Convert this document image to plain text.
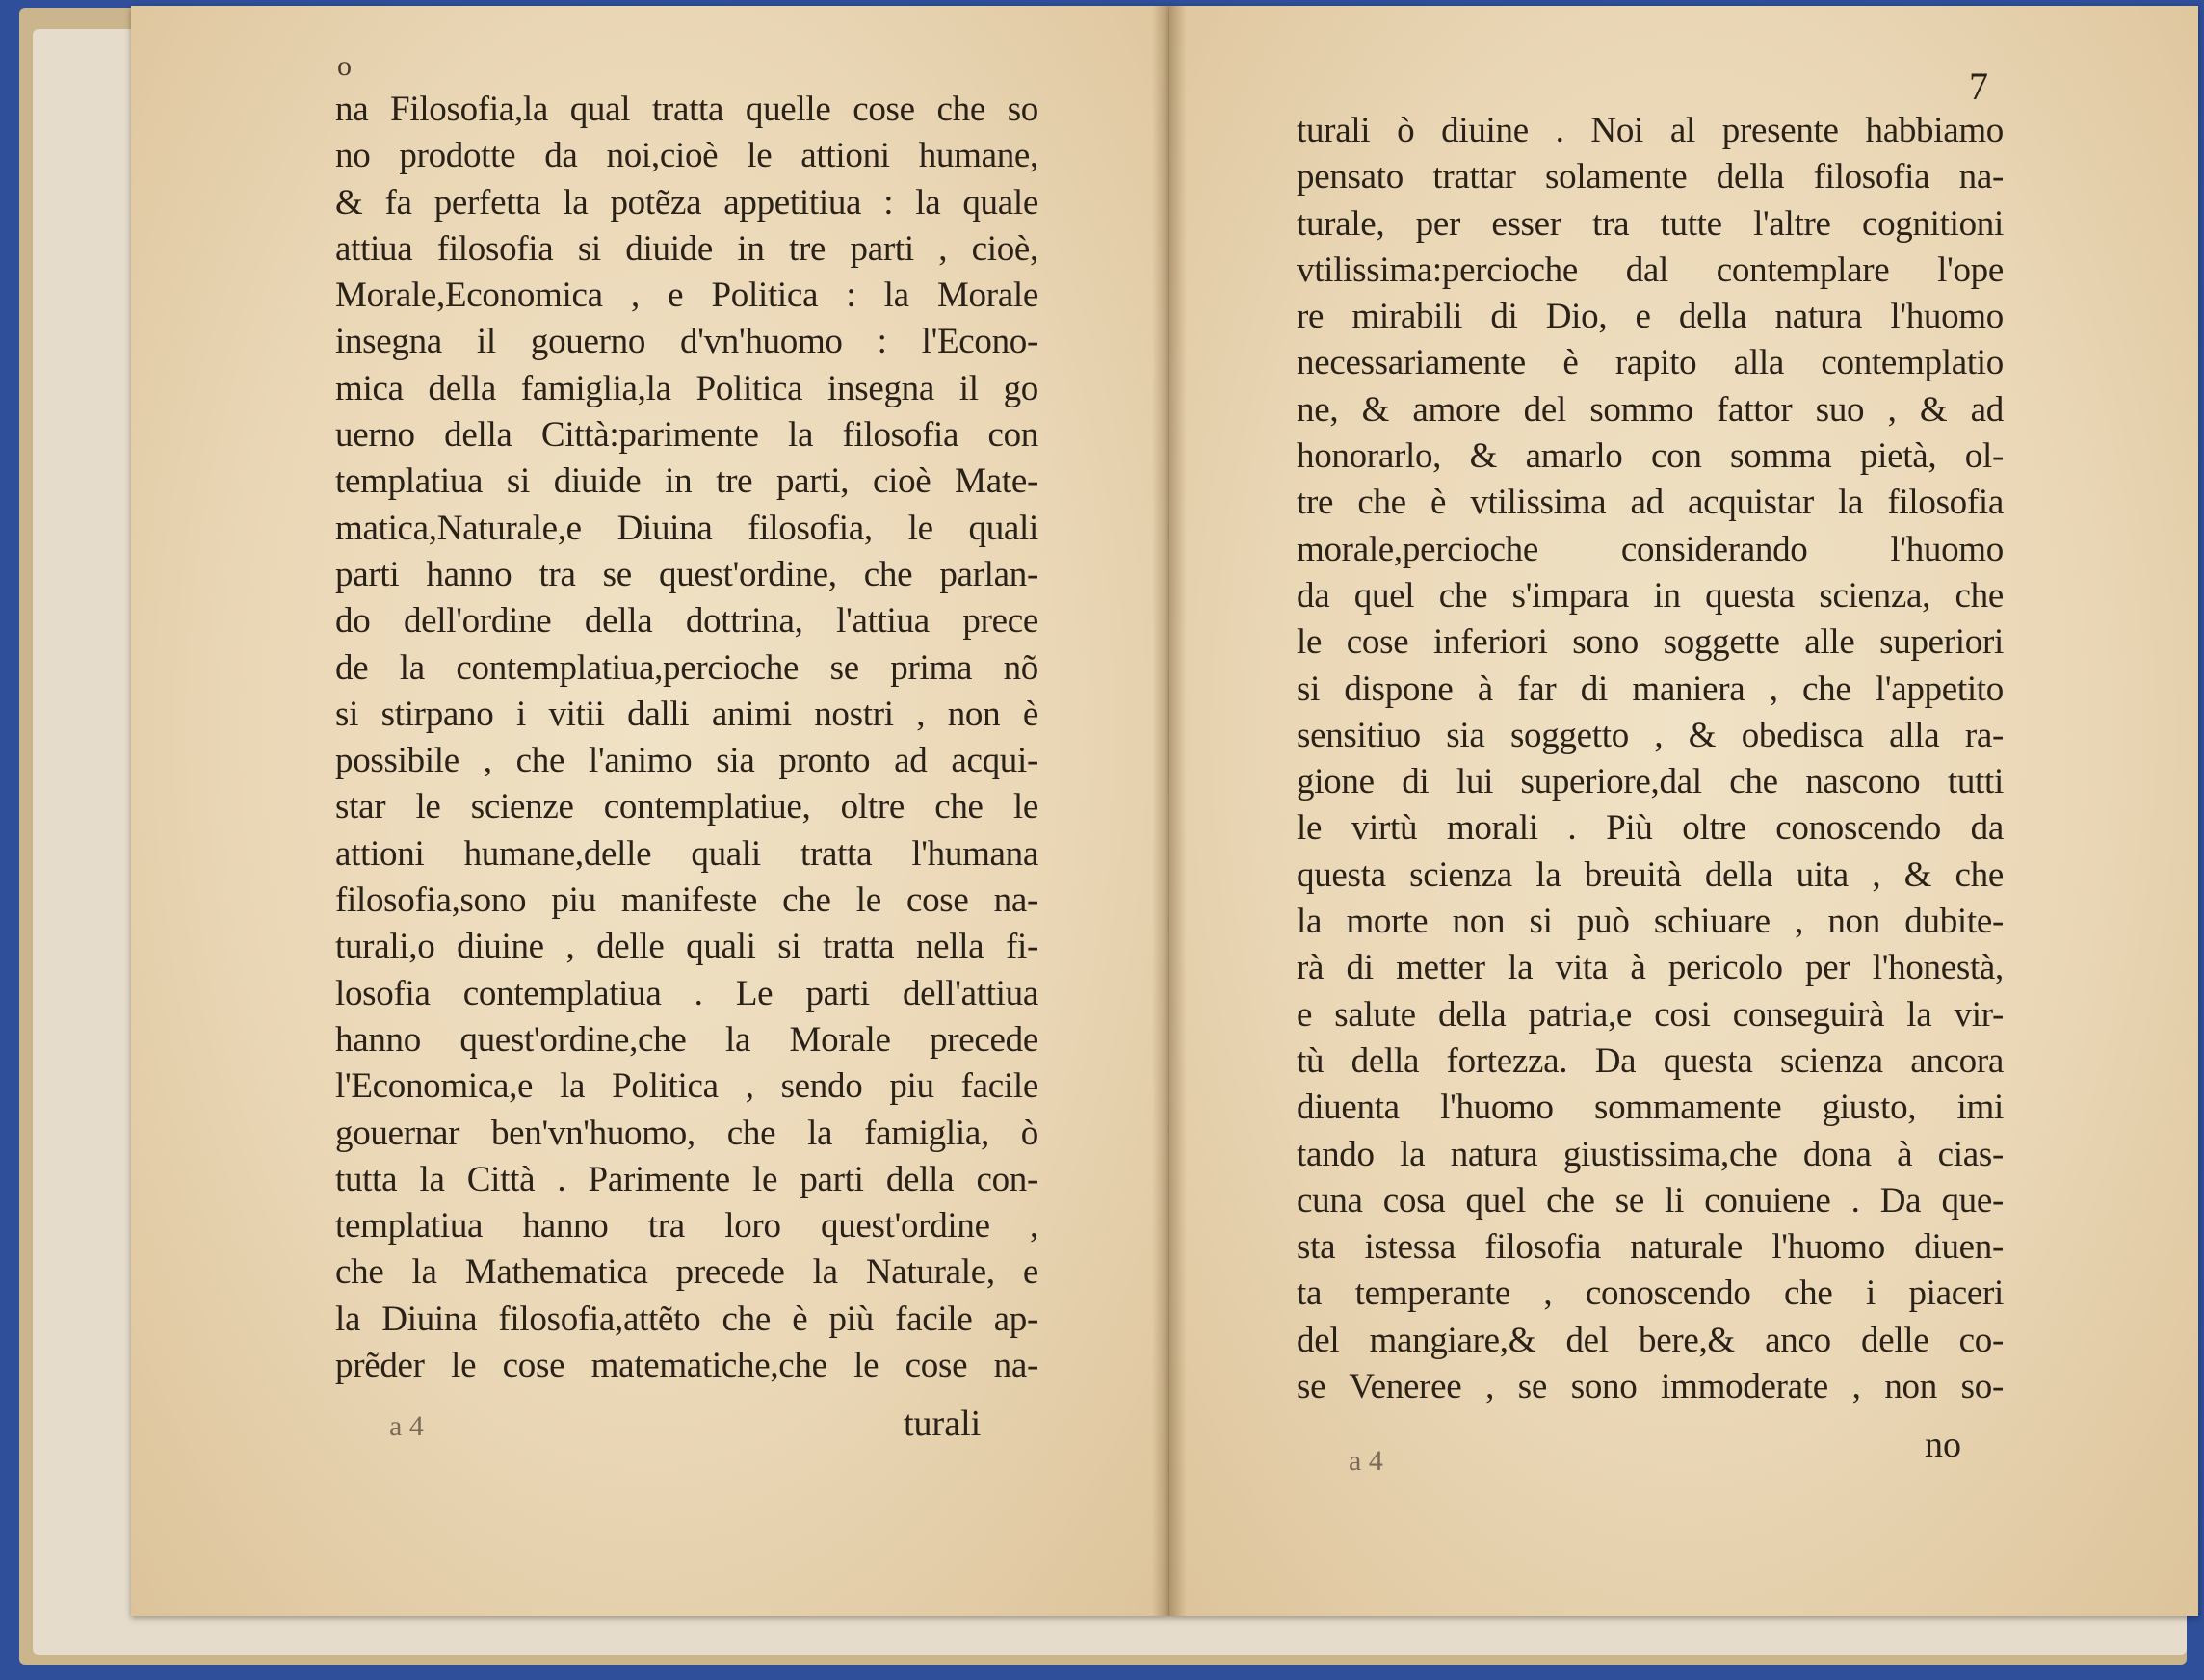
o
na Filosofia,la qual tratta quelle cose che so
no prodotte da noi,cioè le attioni humane,
& fa perfetta la potẽza appetitiua : la quale
attiua filosofia si diuide in tre parti , cioè,
Morale,Economica , e Politica : la Morale
insegna il gouerno d'vn'huomo : l'Econo-
mica della famiglia,la Politica insegna il go
uerno della Città:parimente la filosofia con
templatiua si diuide in tre parti, cioè Mate-
matica,Naturale,e Diuina filosofia, le quali
parti hanno tra se quest'ordine, che parlan-
do dell'ordine della dottrina, l'attiua prece
de la contemplatiua,percioche se prima nõ
si stirpano i vitii dalli animi nostri , non è
possibile , che l'animo sia pronto ad acqui-
star le scienze contemplatiue, oltre che le
attioni humane,delle quali tratta l'humana
filosofia,sono piu manifeste che le cose na-
turali,o diuine , delle quali si tratta nella fi-
losofia contemplatiua . Le parti dell'attiua
hanno quest'ordine,che la Morale precede
l'Economica,e la Politica , sendo piu facile
gouernar ben'vn'huomo, che la famiglia, ò
tutta la Città . Parimente le parti della con-
templatiua hanno tra loro quest'ordine ,
che la Mathematica precede la Naturale, e
la Diuina filosofia,attẽto che è più facile ap-
prẽder le cose matematiche,che le cose na-
a 4	turali
7
turali ò diuine . Noi al presente habbiamo
pensato trattar solamente della filosofia na-
turale, per esser tra tutte l'altre cognitioni
vtilissima:percioche dal contemplare l'ope
re mirabili di Dio, e della natura l'huomo
necessariamente è rapito alla contemplatio
ne, & amore del sommo fattor suo , & ad
honorarlo, & amarlo con somma pietà, ol-
tre che è vtilissima ad acquistar la filosofia
morale,percioche considerando l'huomo
da quel che s'impara in questa scienza, che
le cose inferiori sono soggette alle superiori
si dispone à far di maniera , che l'appetito
sensitiuo sia soggetto , & obedisca alla ra-
gione di lui superiore,dal che nascono tutti
le virtù morali . Più oltre conoscendo da
questa scienza la breuità della uita , & che
la morte non si può schiuare , non dubite-
rà di metter la vita à pericolo per l'honestà,
e salute della patria,e cosi conseguirà la vir-
tù della fortezza. Da questa scienza ancora
diuenta l'huomo sommamente giusto, imi
tando la natura giustissima,che dona à cias-
cuna cosa quel che se li conuiene . Da que-
sta istessa filosofia naturale l'huomo diuen-
ta temperante , conoscendo che i piaceri
del mangiare,& del bere,& anco delle co-
se Veneree , se sono immoderate , non so-
a 4	no
